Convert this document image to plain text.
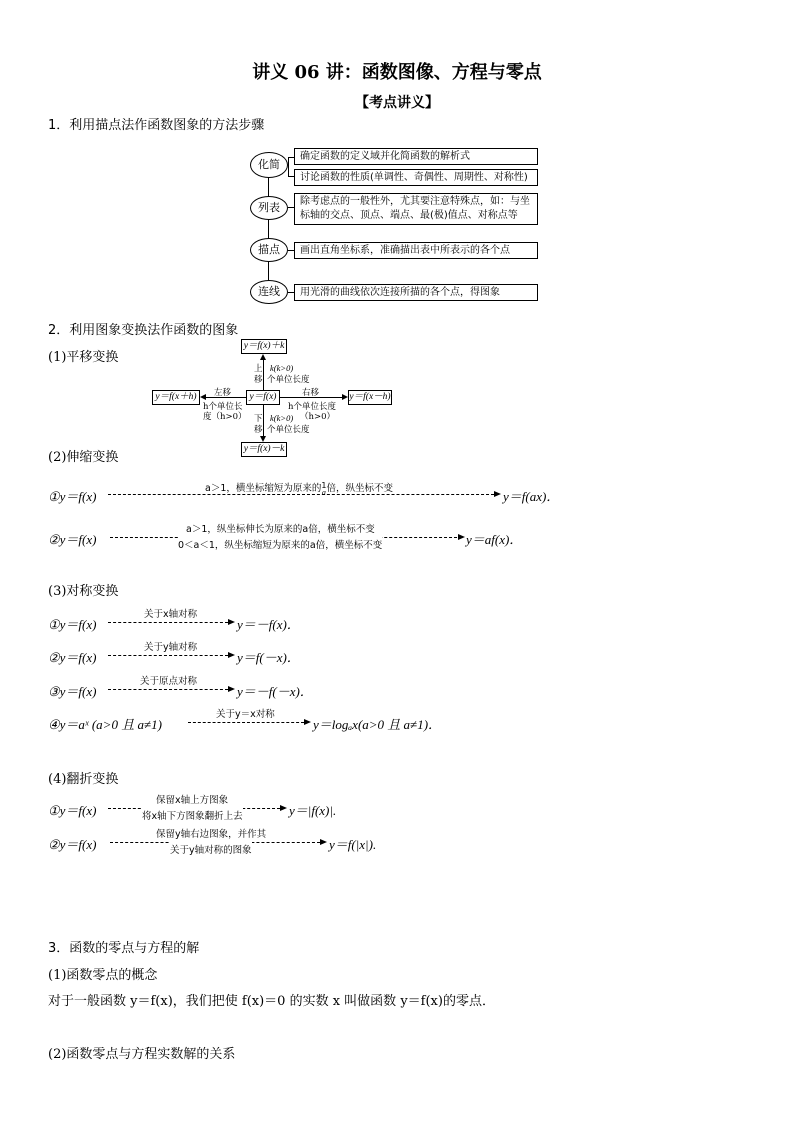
讲义 06 讲：函数图像、方程与零点
【考点讲义】
1．利用描点法作函数图象的方法步骤
化简
列表
描点
连线
确定函数的定义域并化简函数的解析式
讨论函数的性质(单调性、奇偶性、周期性、对称性)
除考虑点的一般性外，尤其要注意特殊点，如：与坐
标轴的交点、顶点、端点、最(极)值点、对称点等
画出直角坐标系，准确描出表中所表示的各个点
用光滑的曲线依次连接所描的各个点，得图象
2．利用图象变换法作函数的图象
(1)平移变换
y＝f(x)＋k
y＝f(x)
y＝f(x＋h)	y＝f(x－h)
y＝f(x)－k
上
移
k(k>0)
个单位长度
下
移
k(k>0)
个单位长度
左移
h个单位长
度（h>0）
右移
h个单位长度
（h>0）
(2)伸缩变换
①y＝f(x)
a＞1，横坐标缩短为原来的1
a倍，纵坐标不变
y＝f(ax)．
②y＝f(x)
a＞1，纵坐标伸长为原来的a倍，横坐标不变
0＜a＜1，纵坐标缩短为原来的a倍，横坐标不变	y＝af(x)．
(3)对称变换
①y＝f(x)
关于x轴对称
y＝－f(x)．
②y＝f(x)
关于y轴对称
y＝f(－x)．
③y＝f(x)
关于原点对称
y＝－f(－x)．
④y＝aˣ (a>0 且 a≠1)
关于y＝x对称
y＝logₐx(a>0 且 a≠1)．
(4)翻折变换
①y＝f(x)
保留x轴上方图象
将x轴下方图象翻折上去	y＝|f(x)|.
②y＝f(x)
保留y轴右边图象，并作其
关于y轴对称的图象	y＝f(|x|).
3．函数的零点与方程的解
(1)函数零点的概念
对于一般函数 y＝f(x)，我们把使 f(x)＝0 的实数 x 叫做函数 y＝f(x)的零点．
(2)函数零点与方程实数解的关系
